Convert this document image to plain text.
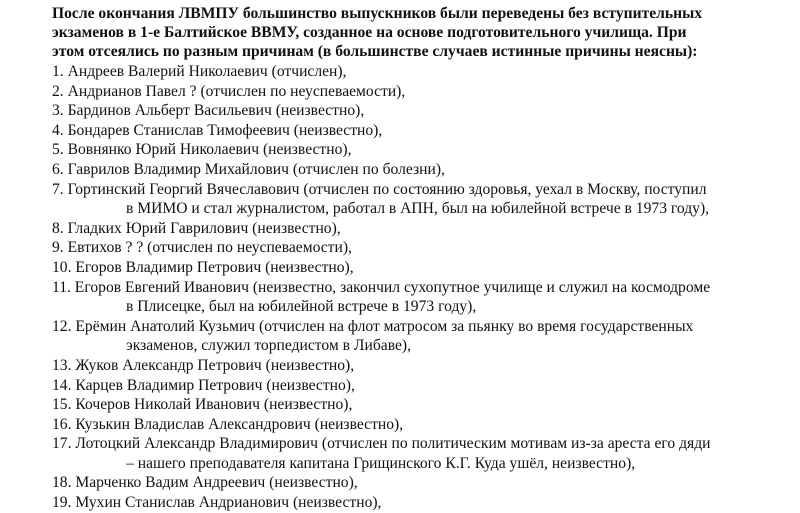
После окончания ЛВМПУ большинство выпускников были переведены без вступительных
экзаменов в 1-е Балтийское ВВМУ, созданное на основе подготовительного училища. При
этом отсеялись по разным причинам (в большинстве случаев истинные причины неясны):
1. Андреев Валерий Николаевич (отчислен),
2. Андрианов Павел ? (отчислен по неуспеваемости),
3. Бардинов Альберт Васильевич (неизвестно),
4. Бондарев Станислав Тимофеевич (неизвестно),
5. Вовнянко Юрий Николаевич (неизвестно),
6. Гаврилов Владимир Михайлович (отчислен по болезни),
7. Гортинский Георгий Вячеславович (отчислен по состоянию здоровья, уехал в Москву, поступил
в МИМО и стал журналистом, работал в АПН, был на юбилейной встрече в 1973 году),
8. Гладких Юрий Гаврилович (неизвестно),
9. Евтихов ? ? (отчислен по неуспеваемости),
10. Егоров Владимир Петрович (неизвестно),
11. Егоров Евгений Иванович (неизвестно, закончил сухопутное училище и служил на космодроме
в Плисецке, был на юбилейной встрече в 1973 году),
12. Ерёмин Анатолий Кузьмич (отчислен на флот матросом за пьянку во время государственных
экзаменов, служил торпедистом в Либаве),
13. Жуков Александр Петрович (неизвестно),
14. Карцев Владимир Петрович (неизвестно),
15. Кочеров Николай Иванович (неизвестно),
16. Кузькин Владислав Александрович (неизвестно),
17. Лотоцкий Александр Владимирович (отчислен по политическим мотивам из-за ареста его дяди
– нашего преподавателя капитана Грищинского К.Г. Куда ушёл, неизвестно),
18. Марченко Вадим Андреевич (неизвестно),
19. Мухин Станислав Андрианович (неизвестно),
